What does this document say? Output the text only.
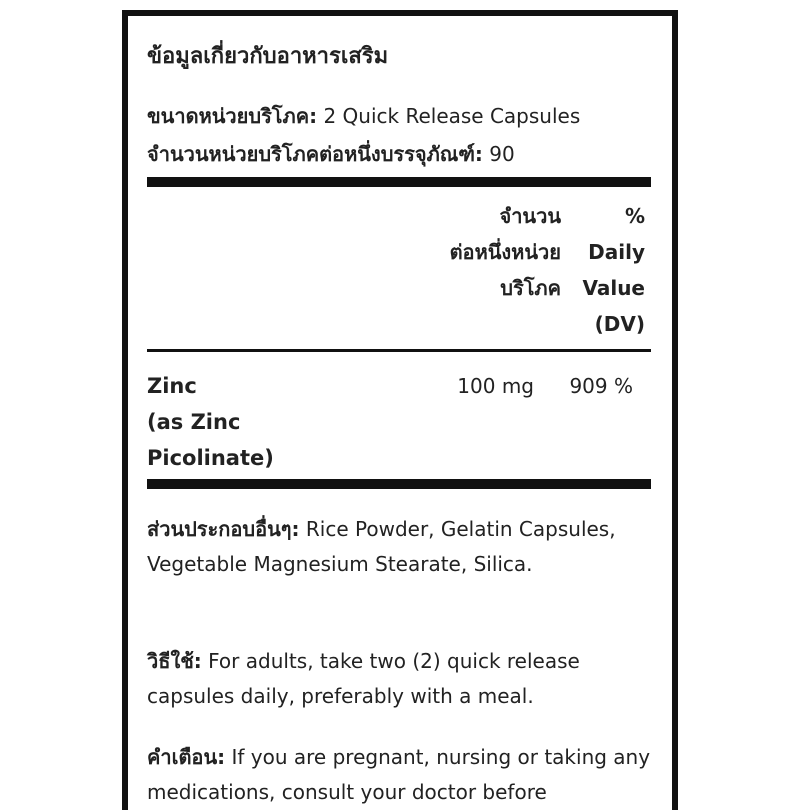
ข้อมูลเกี่ยวกับอาหารเสริม
ขนาดหน่วยบริโภค: 2 Quick Release Capsules
จำนวนหน่วยบริโภคต่อหนึ่งบรรจุภัณฑ์: 90
จำนวน
ต่อหนึ่งหน่วย
บริโภค
%
Daily
Value
(DV)
Zinc
(as Zinc
Picolinate)
100 mg 909 %
ส่วนประกอบอื่นๆ: Rice Powder, Gelatin Capsules, Vegetable Magnesium Stearate, Silica.
วิธีใช้: For adults, take two (2) quick release capsules daily, preferably with a meal.
คำเตือน: If you are pregnant, nursing or taking any medications, consult your doctor before
